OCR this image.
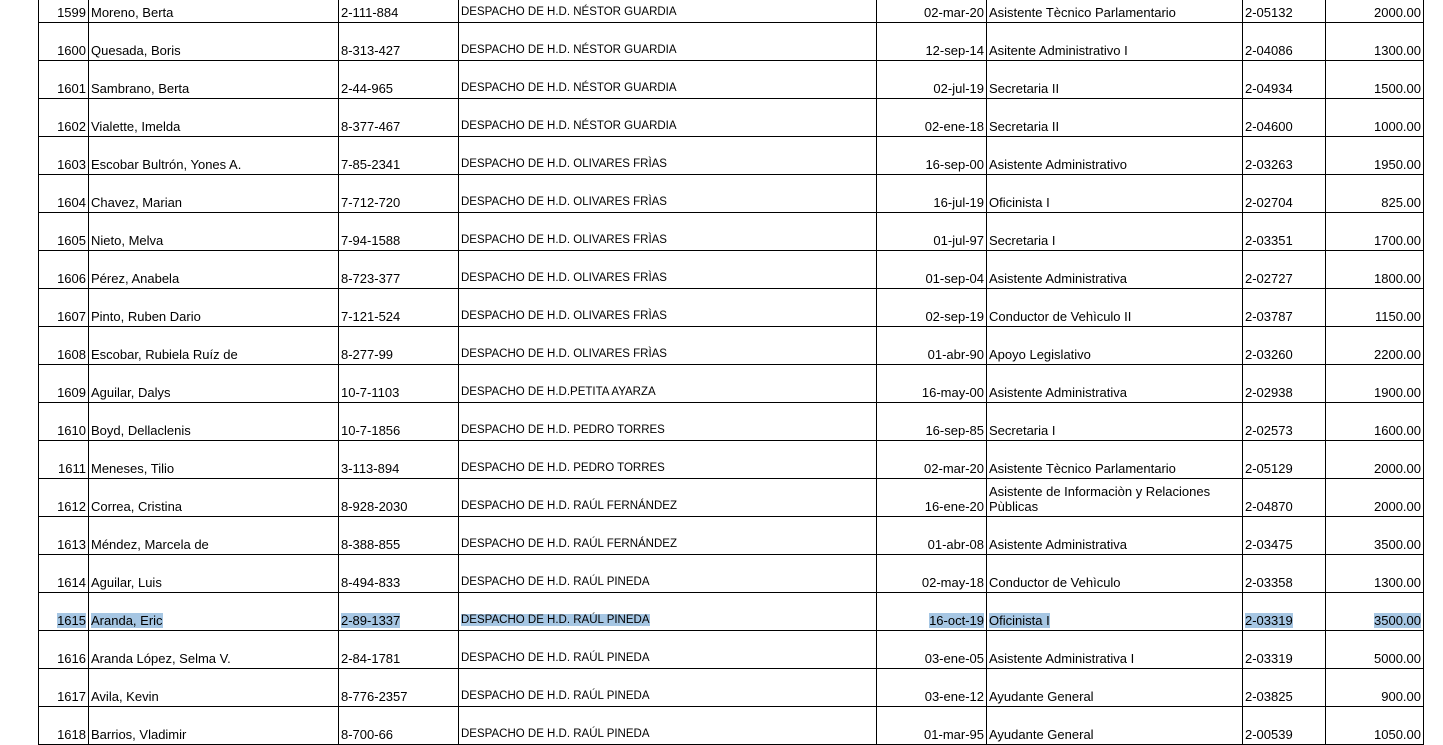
1599	Moreno, Berta	2-111-884	DESPACHO DE H.D. NÉSTOR GUARDIA	02-mar-20	Asistente Tècnico Parlamentario	2-05132	2000.00
1600	Quesada, Boris	8-313-427	DESPACHO DE H.D. NÉSTOR GUARDIA	12-sep-14	Asitente Administrativo I	2-04086	1300.00
1601	Sambrano, Berta	2-44-965	DESPACHO DE H.D. NÉSTOR GUARDIA	02-jul-19	Secretaria II	2-04934	1500.00
1602	Vialette, Imelda	8-377-467	DESPACHO DE H.D. NÉSTOR GUARDIA	02-ene-18	Secretaria II	2-04600	1000.00
1603	Escobar Bultrón, Yones A.	7-85-2341	DESPACHO DE H.D. OLIVARES FRÌAS	16-sep-00	Asistente Administrativo	2-03263	1950.00
1604	Chavez, Marian	7-712-720	DESPACHO DE H.D. OLIVARES FRÌAS	16-jul-19	Oficinista I	2-02704	825.00
1605	Nieto, Melva	7-94-1588	DESPACHO DE H.D. OLIVARES FRÌAS	01-jul-97	Secretaria I	2-03351	1700.00
1606	Pérez, Anabela	8-723-377	DESPACHO DE H.D. OLIVARES FRÌAS	01-sep-04	Asistente Administrativa	2-02727	1800.00
1607	Pinto, Ruben Dario	7-121-524	DESPACHO DE H.D. OLIVARES FRÌAS	02-sep-19	Conductor de Vehìculo II	2-03787	1150.00
1608	Escobar, Rubiela Ruíz de	8-277-99	DESPACHO DE H.D. OLIVARES FRÌAS	01-abr-90	Apoyo Legislativo	2-03260	2200.00
1609	Aguilar, Dalys	10-7-1103	DESPACHO DE H.D.PETITA AYARZA	16-may-00	Asistente Administrativa	2-02938	1900.00
1610	Boyd, Dellaclenis	10-7-1856	DESPACHO DE H.D. PEDRO TORRES	16-sep-85	Secretaria I	2-02573	1600.00
1611	Meneses, Tilio	3-113-894	DESPACHO DE H.D. PEDRO TORRES	02-mar-20	Asistente Tècnico Parlamentario	2-05129	2000.00
1612	Correa, Cristina	8-928-2030	DESPACHO DE H.D. RAÚL FERNÁNDEZ	16-ene-20	Asistente de Informaciòn y Relaciones Pùblicas	2-04870	2000.00
1613	Méndez, Marcela de	8-388-855	DESPACHO DE H.D. RAÚL FERNÁNDEZ	01-abr-08	Asistente Administrativa	2-03475	3500.00
1614	Aguilar, Luis	8-494-833	DESPACHO DE H.D. RAÚL PINEDA	02-may-18	Conductor de Vehìculo	2-03358	1300.00
1615	Aranda, Eric	2-89-1337	DESPACHO DE H.D. RAÚL PINEDA	16-oct-19	Oficinista I	2-03319	3500.00
1616	Aranda López, Selma V.	2-84-1781	DESPACHO DE H.D. RAÚL PINEDA	03-ene-05	Asistente Administrativa I	2-03319	5000.00
1617	Avila, Kevin	8-776-2357	DESPACHO DE H.D. RAÚL PINEDA	03-ene-12	Ayudante General	2-03825	900.00
1618	Barrios, Vladimir	8-700-66	DESPACHO DE H.D. RAÚL PINEDA	01-mar-95	Ayudante General	2-00539	1050.00
